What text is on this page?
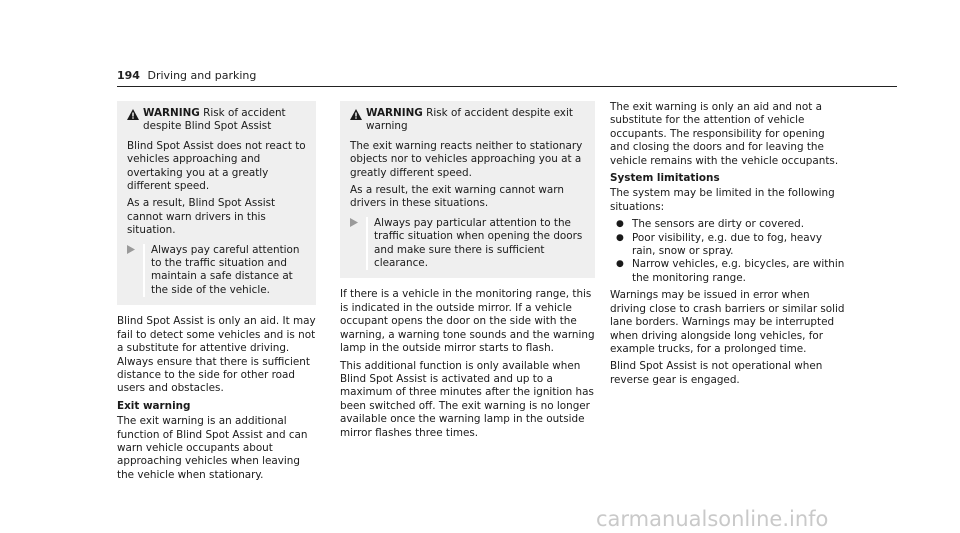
194 Driving and parking
WARNING Risk of accident despite Blind Spot Assist

Blind Spot Assist does not react to vehicles approaching and overtaking you at a greatly different speed.

As a result, Blind Spot Assist cannot warn drivers in this situation.

Always pay careful attention to the traffic situation and maintain a safe distance at the side of the vehicle.

Blind Spot Assist is only an aid. It may fail to detect some vehicles and is not a substitute for attentive driving. Always ensure that there is sufficient distance to the side for other road users and obstacles.

Exit warning

The exit warning is an additional function of Blind Spot Assist and can warn vehicle occupants about approaching vehicles when leaving the vehicle when stationary.

WARNING Risk of accident despite exit warning

The exit warning reacts neither to stationary objects nor to vehicles approaching you at a greatly different speed.

As a result, the exit warning cannot warn drivers in these situations.

Always pay particular attention to the traffic situation when opening the doors and make sure there is sufficient clearance.

If there is a vehicle in the monitoring range, this is indicated in the outside mirror. If a vehicle occupant opens the door on the side with the warning, a warning tone sounds and the warning lamp in the outside mirror starts to flash.

This additional function is only available when Blind Spot Assist is activated and up to a maximum of three minutes after the ignition has been switched off. The exit warning is no longer available once the warning lamp in the outside mirror flashes three times.

The exit warning is only an aid and not a substitute for the attention of vehicle occupants. The responsibility for opening and closing the doors and for leaving the vehicle remains with the vehicle occupants.

System limitations

The system may be limited in the following situations:

● The sensors are dirty or covered.
● Poor visibility, e.g. due to fog, heavy rain, snow or spray.
● Narrow vehicles, e.g. bicycles, are within the monitoring range.

Warnings may be issued in error when driving close to crash barriers or similar solid lane borders. Warnings may be interrupted when driving alongside long vehicles, for example trucks, for a prolonged time.

Blind Spot Assist is not operational when reverse gear is engaged.

carmanualsonline.info
